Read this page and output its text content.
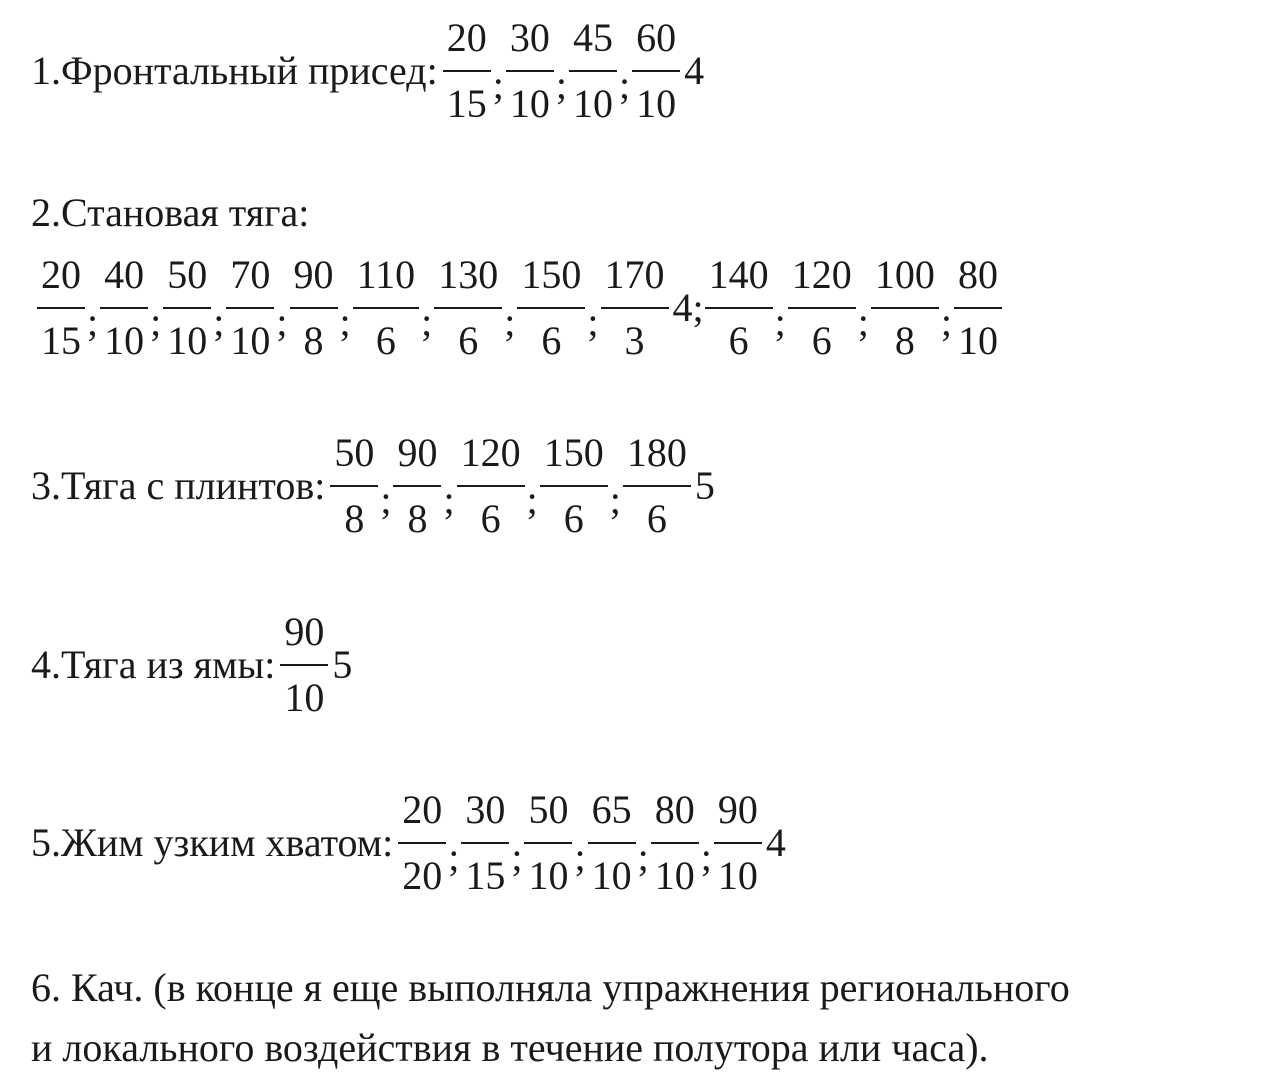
1.Фронтальный присед: $\frac{20}{15}$ ; $\frac{30}{10}$ ; $\frac{45}{10}$ ; $\frac{60}{10} 4$
2.Становая тяга:
$\frac{20}{15}$ ; $\frac{40}{10}$ ; $\frac{50}{10}$ ; $\frac{70}{10}$ ; $\frac{90}{8}$ ; $\frac{110}{6}$ ; $\frac{130}{6}$ ; $\frac{150}{6}$ ; $\frac{170}{3} 4$; $\frac{140}{6}$ ; $\frac{120}{6}$ ; $\frac{100}{8}$ ; $\frac{80}{10}$
3.Тяга с плинтов: $\frac{50}{8}$ ; $\frac{90}{8}$ ; $\frac{120}{6}$ ; $\frac{150}{6}$ ; $\frac{180}{6} 5$
4.Тяга из ямы: $\frac{90}{10} 5$
5.Жим узким хватом: $\frac{20}{20}$ ; $\frac{30}{15}$ ; $\frac{50}{10}$ ; $\frac{65}{10}$ ; $\frac{80}{10}$ ; $\frac{90}{10} 4$
6. Кач. (в конце я еще выполняла упражнения регионального
и локального воздействия в течение полутора или часа).
